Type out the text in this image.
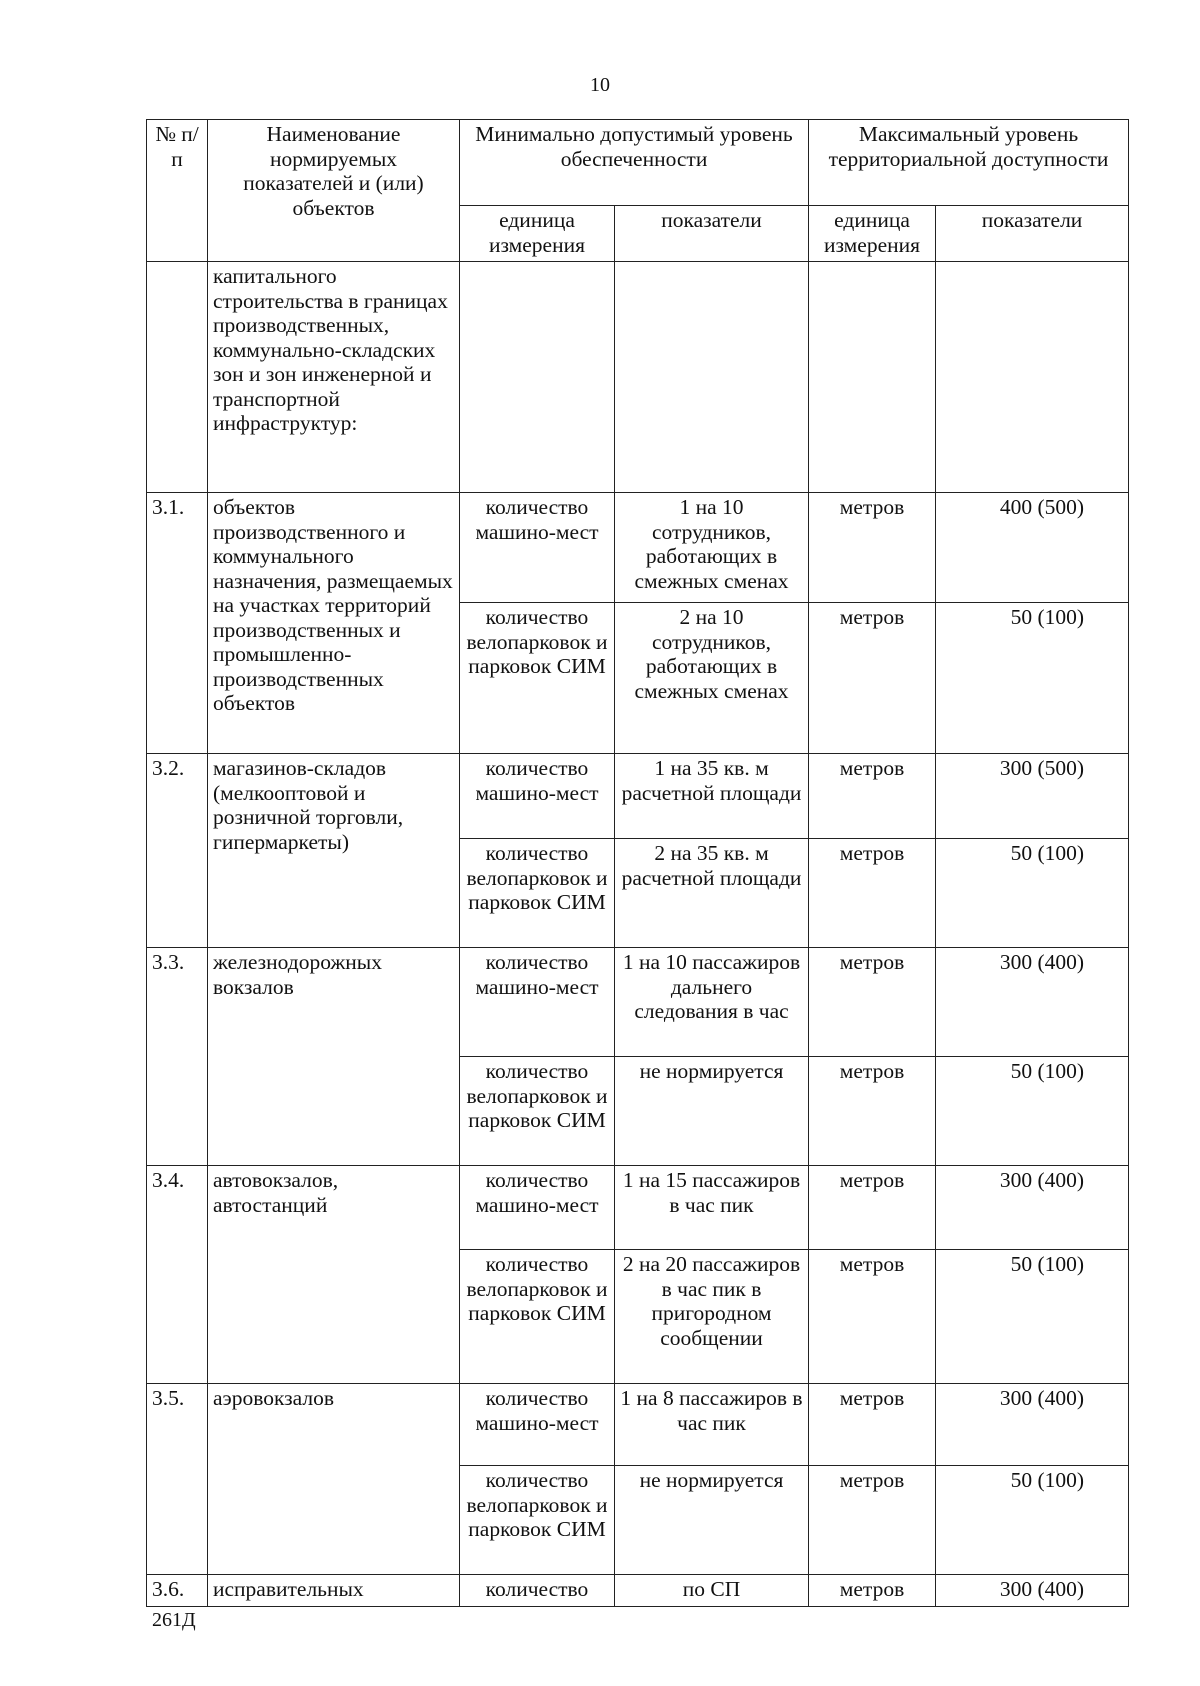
10
№ п/п	Наименование нормируемых показателей и (или) объектов	Минимально допустимый уровень обеспеченности		Максимальный уровень территориальной доступности	
		единица измерения	показатели	единица измерения	показатели
	капитального строительства в границах производственных, коммунально-складских зон и зон инженерной и транспортной инфраструктур:				
3.1.	объектов производственного и коммунального назначения, размещаемых на участках территорий производственных и промышленно-производственных объектов	количество машино-мест	1 на 10 сотрудников, работающих в смежных сменах	метров	400 (500)
		количество велопарковок и парковок СИМ	2 на 10 сотрудников, работающих в смежных сменах	метров	50 (100)
3.2.	магазинов-складов (мелкооптовой и розничной торговли, гипермаркеты)	количество машино-мест	1 на 35 кв. м расчетной площади	метров	300 (500)
		количество велопарковок и парковок СИМ	2 на 35 кв. м расчетной площади	метров	50 (100)
3.3.	железнодорожных вокзалов	количество машино-мест	1 на 10 пассажиров дальнего следования в час	метров	300 (400)
		количество велопарковок и парковок СИМ	не нормируется	метров	50 (100)
3.4.	автовокзалов, автостанций	количество машино-мест	1 на 15 пассажиров в час пик	метров	300 (400)
		количество велопарковок и парковок СИМ	2 на 20 пассажиров в час пик в пригородном сообщении	метров	50 (100)
3.5.	аэровокзалов	количество машино-мест	1 на 8 пассажиров в час пик	метров	300 (400)
		количество велопарковок и парковок СИМ	не нормируется	метров	50 (100)
3.6.	исправительных	количество	по СП	метров	300 (400)
261Д
